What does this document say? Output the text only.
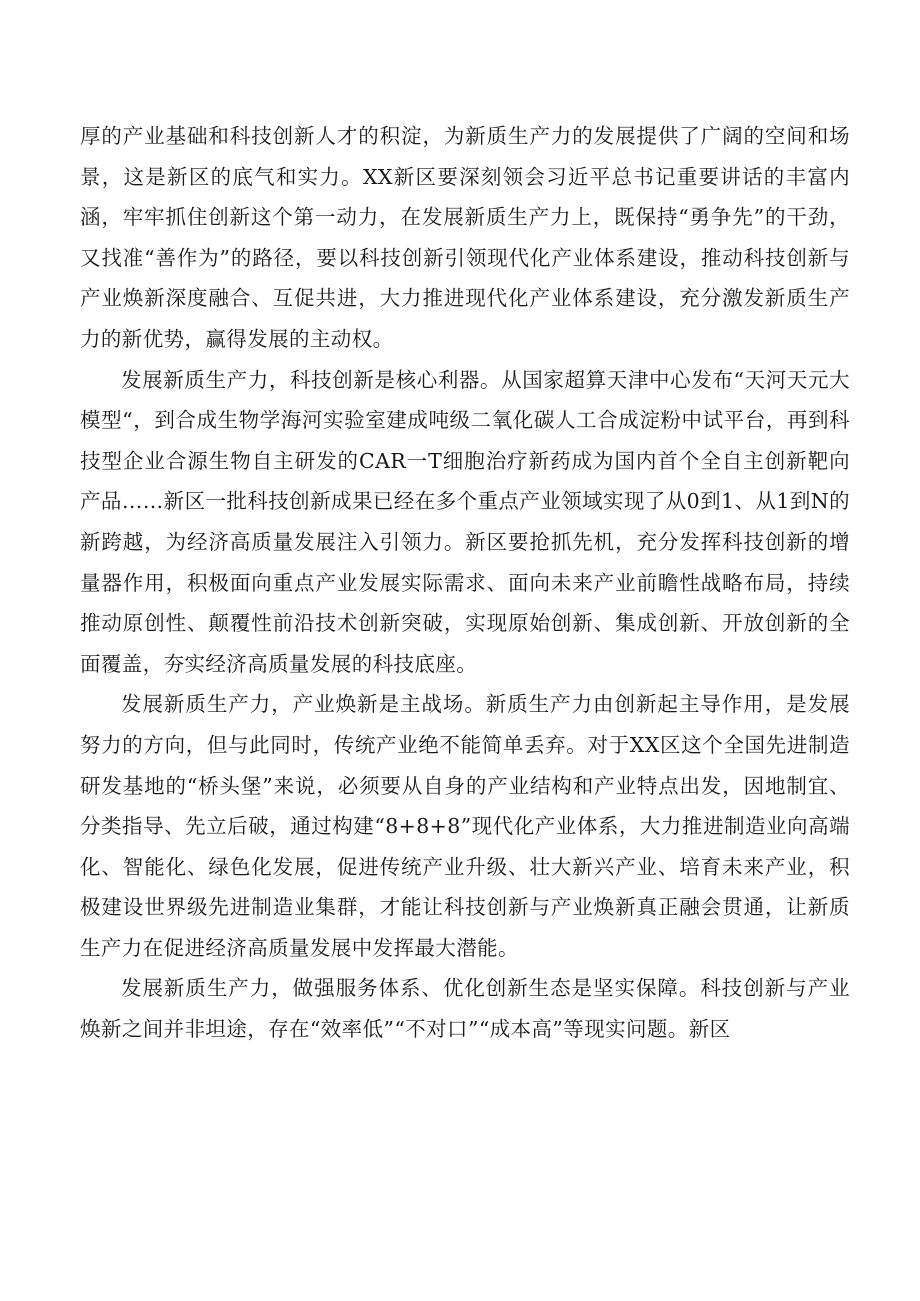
厚的产业基础和科技创新人才的积淀，为新质生产力的发展提供了广阔的空间和场景，这是新区的底气和实力。XX新区要深刻领会习近平总书记重要讲话的丰富内涵，牢牢抓住创新这个第一动力，在发展新质生产力上，既保持“勇争先”的干劲，又找准“善作为”的路径，要以科技创新引领现代化产业体系建设，推动科技创新与产业焕新深度融合、互促共进，大力推进现代化产业体系建设，充分激发新质生产力的新优势，赢得发展的主动权。

发展新质生产力，科技创新是核心利器。从国家超算天津中心发布“天河天元大模型“，到合成生物学海河实验室建成吨级二氧化碳人工合成淀粉中试平台，再到科技型企业合源生物自主研发的CAR一T细胞治疗新药成为国内首个全自主创新靶向产品……新区一批科技创新成果已经在多个重点产业领域实现了从0到1、从1到N的新跨越，为经济高质量发展注入引领力。新区要抢抓先机，充分发挥科技创新的增量器作用，积极面向重点产业发展实际需求、面向未来产业前瞻性战略布局，持续推动原创性、颠覆性前沿技术创新突破，实现原始创新、集成创新、开放创新的全面覆盖，夯实经济高质量发展的科技底座。

发展新质生产力，产业焕新是主战场。新质生产力由创新起主导作用，是发展努力的方向，但与此同时，传统产业绝不能简单丢弃。对于XX区这个全国先进制造研发基地的“桥头堡”来说，必须要从自身的产业结构和产业特点出发，因地制宜、分类指导、先立后破，通过构建“8+8+8”现代化产业体系，大力推进制造业向高端化、智能化、绿色化发展，促进传统产业升级、壮大新兴产业、培育未来产业，积极建设世界级先进制造业集群，才能让科技创新与产业焕新真正融会贯通，让新质生产力在促进经济高质量发展中发挥最大潜能。

发展新质生产力，做强服务体系、优化创新生态是坚实保障。科技创新与产业焕新之间并非坦途，存在“效率低”“不对口”“成本高”等现实问题。新区
